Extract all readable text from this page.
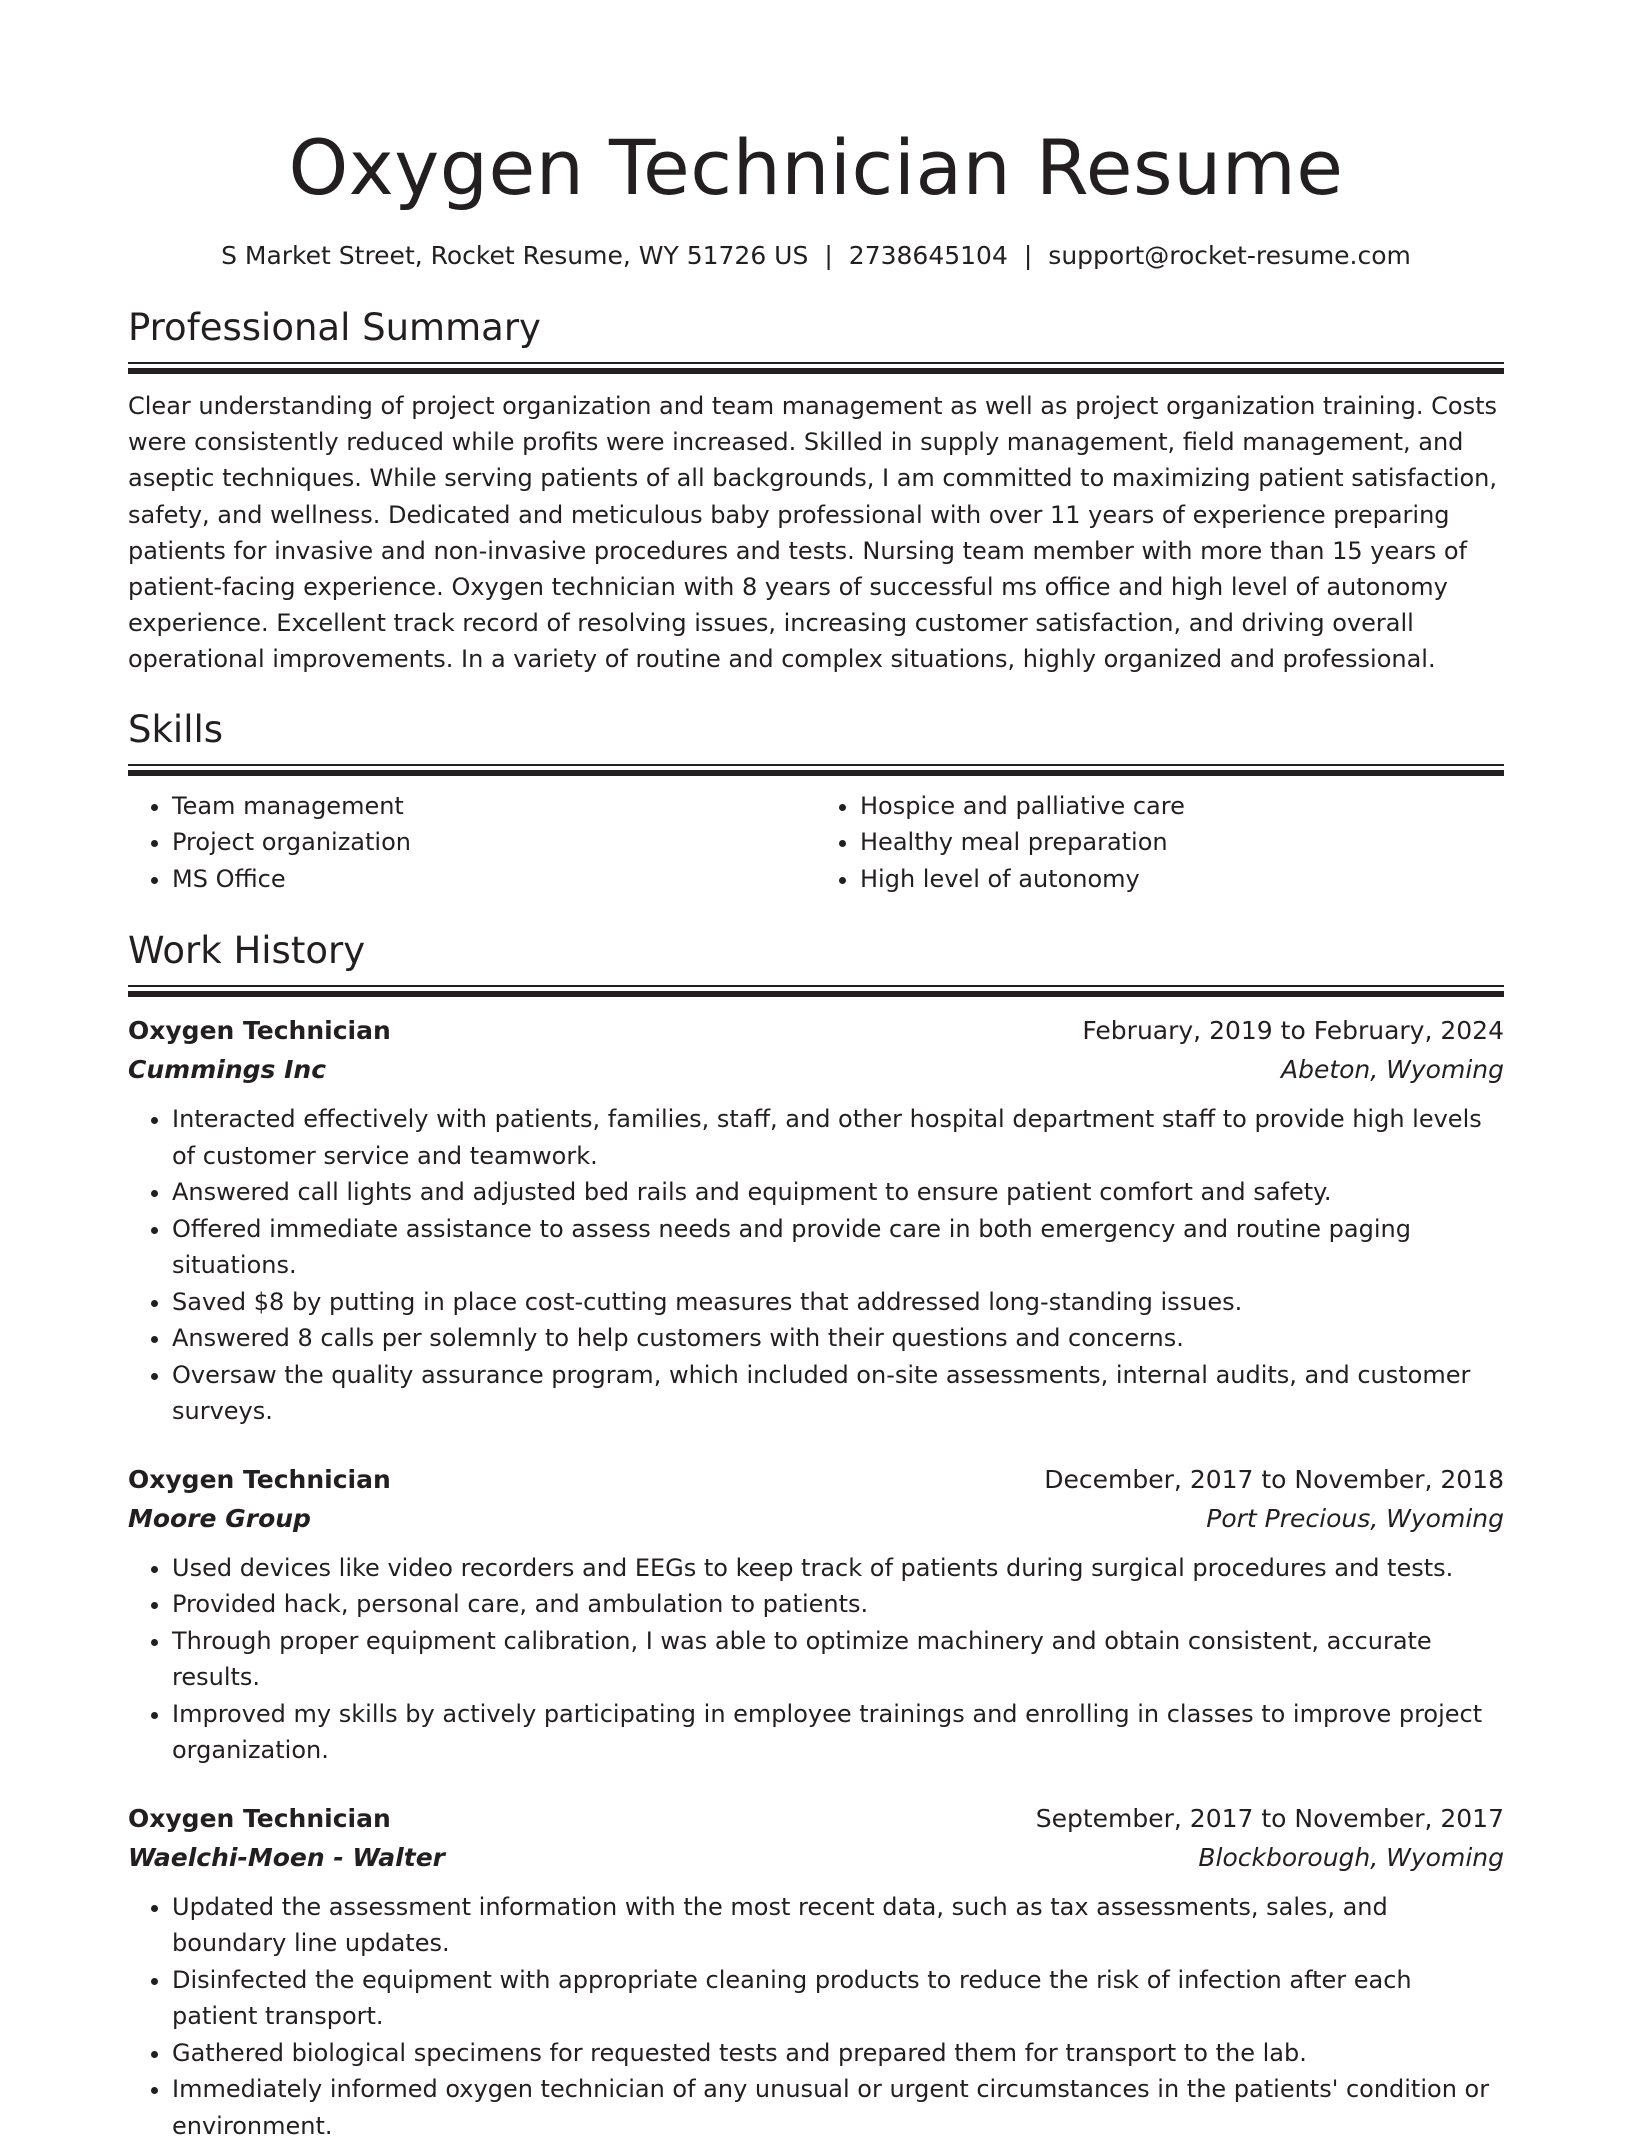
Oxygen Technician Resume
S Market Street, Rocket Resume, WY 51726 US | 2738645104 | support@rocket-resume.com
Professional Summary
Clear understanding of project organization and team management as well as project organization training. Costs were consistently reduced while profits were increased. Skilled in supply management, field management, and aseptic techniques. While serving patients of all backgrounds, I am committed to maximizing patient satisfaction, safety, and wellness. Dedicated and meticulous baby professional with over 11 years of experience preparing patients for invasive and non-invasive procedures and tests. Nursing team member with more than 15 years of patient-facing experience. Oxygen technician with 8 years of successful ms office and high level of autonomy experience. Excellent track record of resolving issues, increasing customer satisfaction, and driving overall operational improvements. In a variety of routine and complex situations, highly organized and professional.
Skills
• Team management
• Project organization
• MS Office
• Hospice and palliative care
• Healthy meal preparation
• High level of autonomy
Work History
Oxygen Technician	February, 2019 to February, 2024
Cummings Inc	Abeton, Wyoming
• Interacted effectively with patients, families, staff, and other hospital department staff to provide high levels of customer service and teamwork.
• Answered call lights and adjusted bed rails and equipment to ensure patient comfort and safety.
• Offered immediate assistance to assess needs and provide care in both emergency and routine paging situations.
• Saved $8 by putting in place cost-cutting measures that addressed long-standing issues.
• Answered 8 calls per solemnly to help customers with their questions and concerns.
• Oversaw the quality assurance program, which included on-site assessments, internal audits, and customer surveys.
Oxygen Technician	December, 2017 to November, 2018
Moore Group	Port Precious, Wyoming
• Used devices like video recorders and EEGs to keep track of patients during surgical procedures and tests.
• Provided hack, personal care, and ambulation to patients.
• Through proper equipment calibration, I was able to optimize machinery and obtain consistent, accurate results.
• Improved my skills by actively participating in employee trainings and enrolling in classes to improve project organization.
Oxygen Technician	September, 2017 to November, 2017
Waelchi-Moen - Walter	Blockborough, Wyoming
• Updated the assessment information with the most recent data, such as tax assessments, sales, and boundary line updates.
• Disinfected the equipment with appropriate cleaning products to reduce the risk of infection after each patient transport.
• Gathered biological specimens for requested tests and prepared them for transport to the lab.
• Immediately informed oxygen technician of any unusual or urgent circumstances in the patients' condition or environment.
